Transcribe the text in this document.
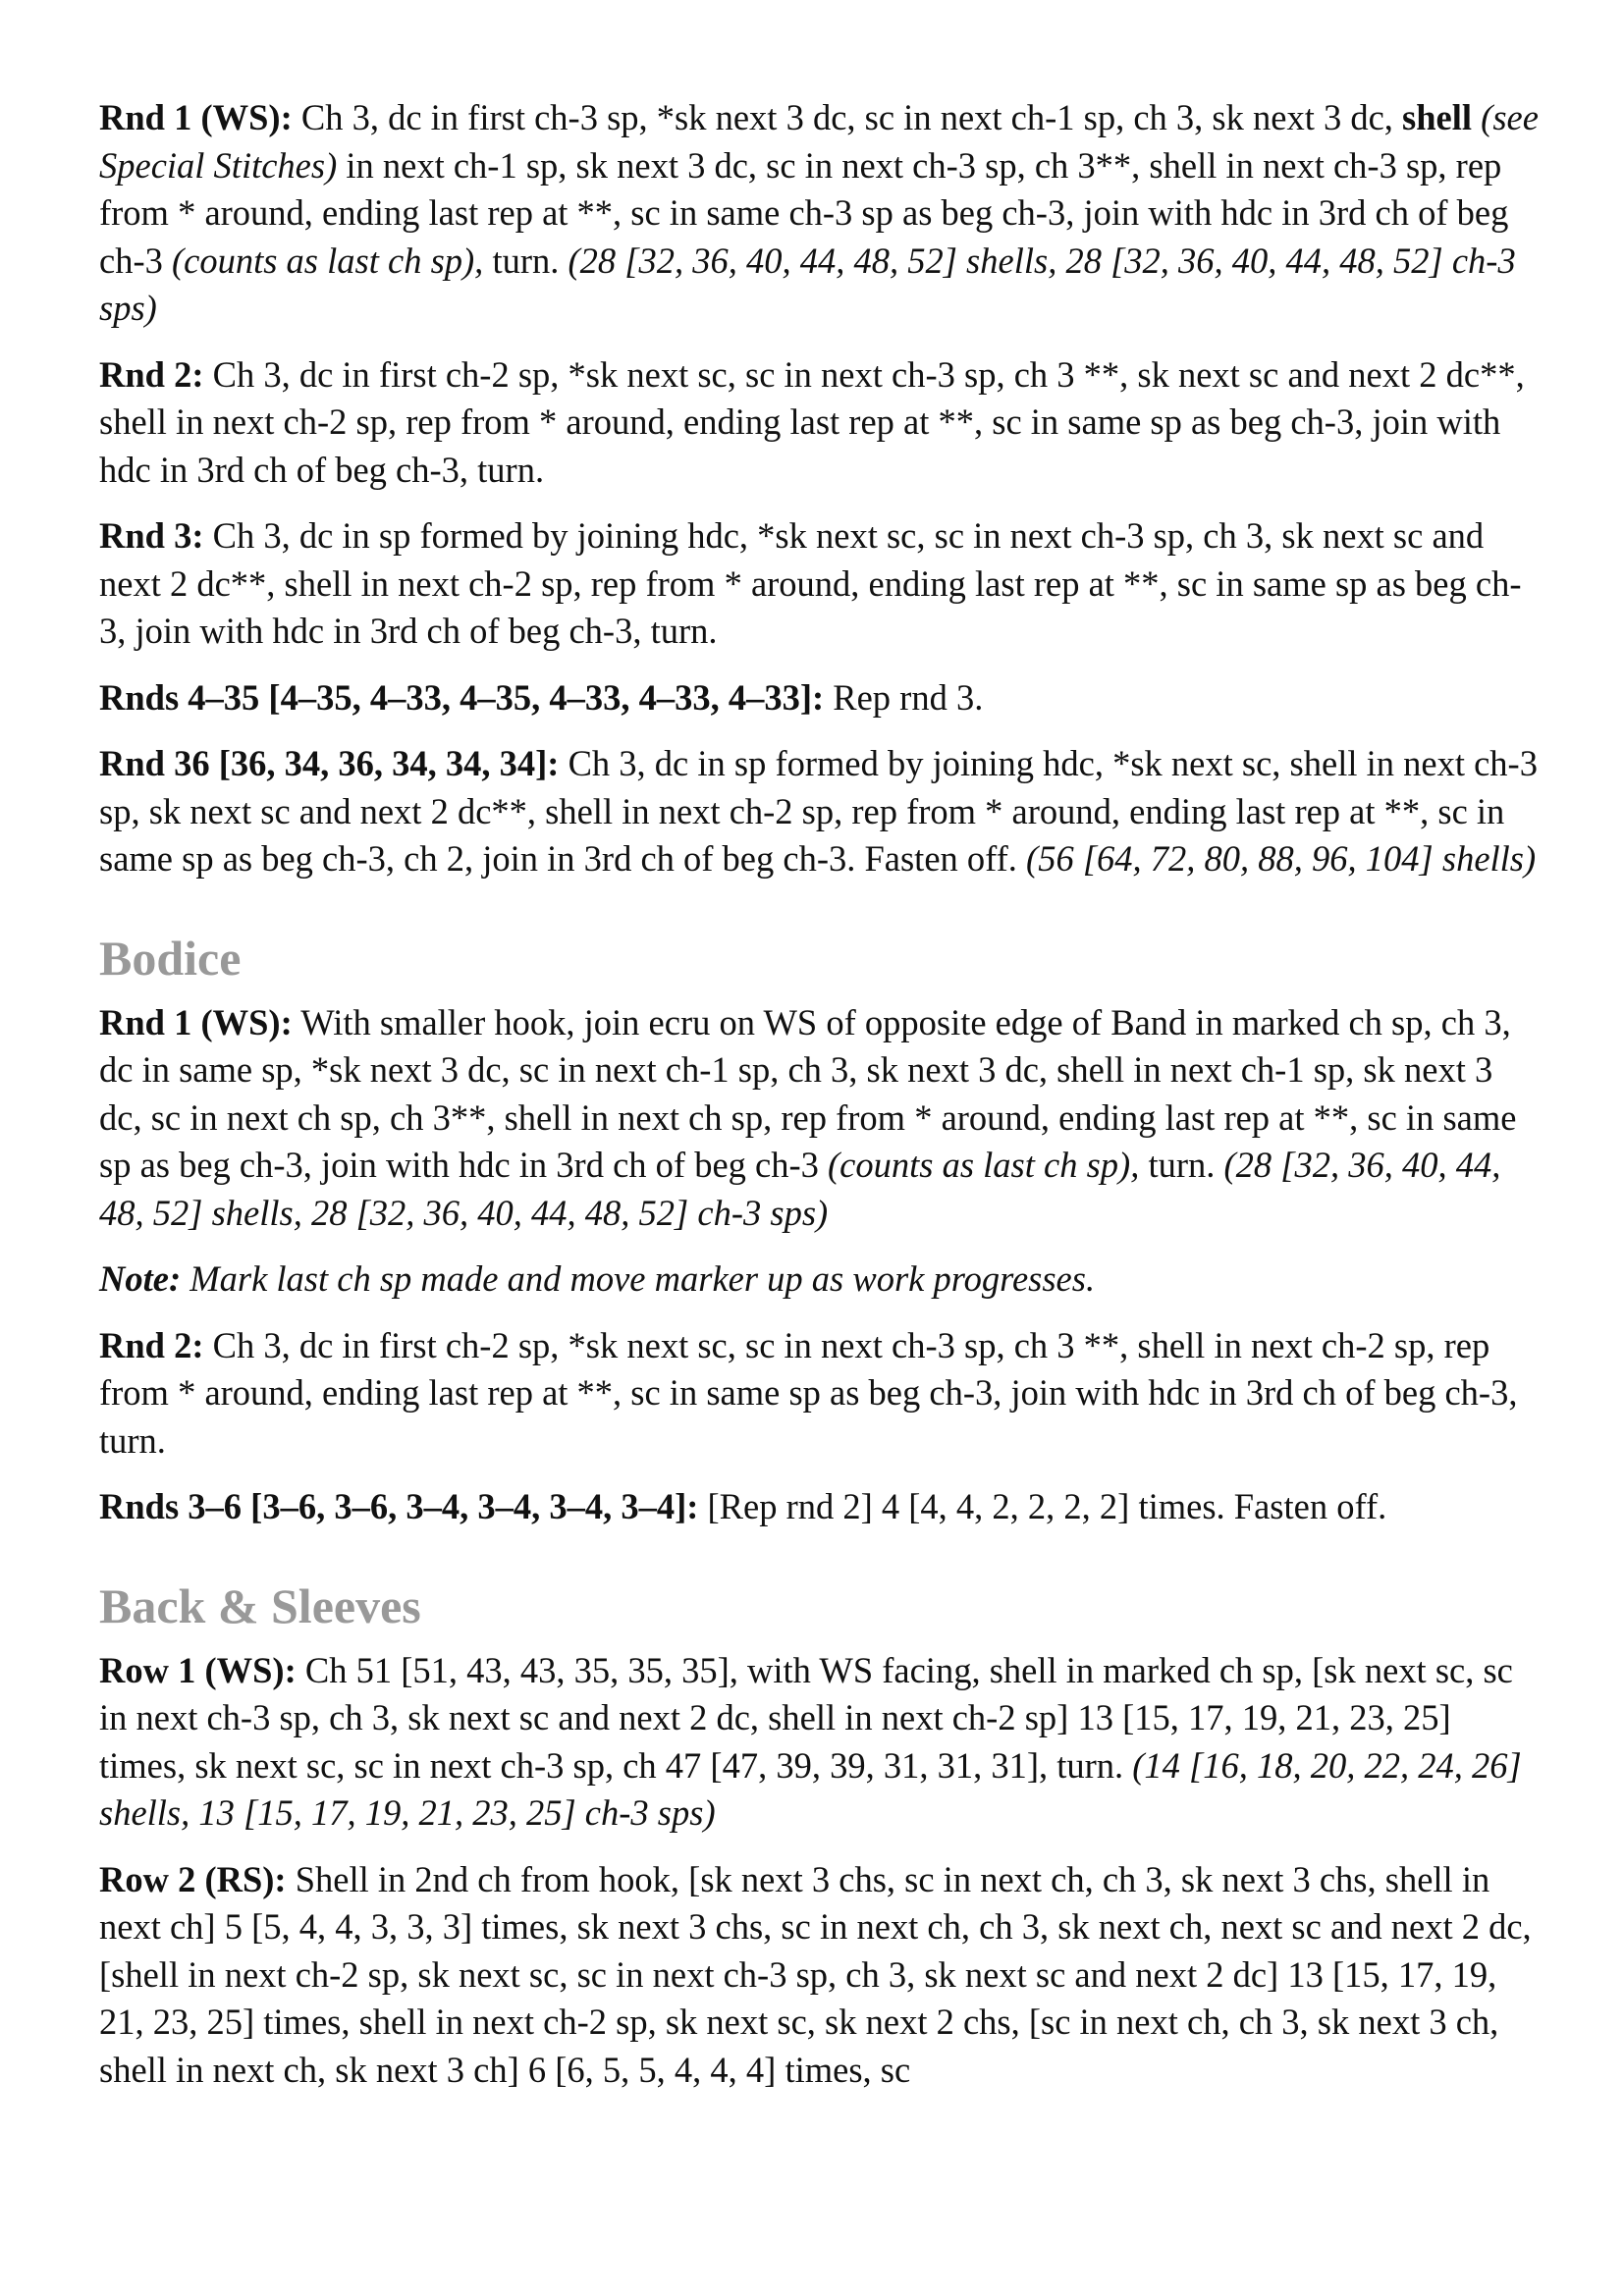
Rnd 1 (WS): Ch 3, dc in first ch-3 sp, *sk next 3 dc, sc in next ch-1 sp, ch 3, sk next 3 dc, shell (see Special Stitches) in next ch-1 sp, sk next 3 dc, sc in next ch-3 sp, ch 3**, shell in next ch-3 sp, rep from * around, ending last rep at **, sc in same ch-3 sp as beg ch-3, join with hdc in 3rd ch of beg ch-3 (counts as last ch sp), turn. (28 [32, 36, 40, 44, 48, 52] shells, 28 [32, 36, 40, 44, 48, 52] ch-3 sps)

Rnd 2: Ch 3, dc in first ch-2 sp, *sk next sc, sc in next ch-3 sp, ch 3 **, sk next sc and next 2 dc**, shell in next ch-2 sp, rep from * around, ending last rep at **, sc in same sp as beg ch-3, join with hdc in 3rd ch of beg ch-3, turn.

Rnd 3: Ch 3, dc in sp formed by joining hdc, *sk next sc, sc in next ch-3 sp, ch 3, sk next sc and next 2 dc**, shell in next ch-2 sp, rep from * around, ending last rep at **, sc in same sp as beg ch-3, join with hdc in 3rd ch of beg ch-3, turn.

Rnds 4–35 [4–35, 4–33, 4–35, 4–33, 4–33, 4–33]: Rep rnd 3.

Rnd 36 [36, 34, 36, 34, 34, 34]: Ch 3, dc in sp formed by joining hdc, *sk next sc, shell in next ch-3 sp, sk next sc and next 2 dc**, shell in next ch-2 sp, rep from * around, ending last rep at **, sc in same sp as beg ch-3, ch 2, join in 3rd ch of beg ch-3. Fasten off. (56 [64, 72, 80, 88, 96, 104] shells)

Bodice

Rnd 1 (WS): With smaller hook, join ecru on WS of opposite edge of Band in marked ch sp, ch 3, dc in same sp, *sk next 3 dc, sc in next ch-1 sp, ch 3, sk next 3 dc, shell in next ch-1 sp, sk next 3 dc, sc in next ch sp, ch 3**, shell in next ch sp, rep from * around, ending last rep at **, sc in same sp as beg ch-3, join with hdc in 3rd ch of beg ch-3 (counts as last ch sp), turn. (28 [32, 36, 40, 44, 48, 52] shells, 28 [32, 36, 40, 44, 48, 52] ch-3 sps)

Note: Mark last ch sp made and move marker up as work progresses.

Rnd 2: Ch 3, dc in first ch-2 sp, *sk next sc, sc in next ch-3 sp, ch 3 **, shell in next ch-2 sp, rep from * around, ending last rep at **, sc in same sp as beg ch-3, join with hdc in 3rd ch of beg ch-3, turn.

Rnds 3–6 [3–6, 3–6, 3–4, 3–4, 3–4, 3–4]: [Rep rnd 2] 4 [4, 4, 2, 2, 2, 2] times. Fasten off.

Back & Sleeves

Row 1 (WS): Ch 51 [51, 43, 43, 35, 35, 35], with WS facing, shell in marked ch sp, [sk next sc, sc in next ch-3 sp, ch 3, sk next sc and next 2 dc, shell in next ch-2 sp] 13 [15, 17, 19, 21, 23, 25] times, sk next sc, sc in next ch-3 sp, ch 47 [47, 39, 39, 31, 31, 31], turn. (14 [16, 18, 20, 22, 24, 26] shells, 13 [15, 17, 19, 21, 23, 25] ch-3 sps)

Row 2 (RS): Shell in 2nd ch from hook, [sk next 3 chs, sc in next ch, ch 3, sk next 3 chs, shell in next ch] 5 [5, 4, 4, 3, 3, 3] times, sk next 3 chs, sc in next ch, ch 3, sk next ch, next sc and next 2 dc, [shell in next ch-2 sp, sk next sc, sc in next ch-3 sp, ch 3, sk next sc and next 2 dc] 13 [15, 17, 19, 21, 23, 25] times, shell in next ch-2 sp, sk next sc, sk next 2 chs, [sc in next ch, ch 3, sk next 3 ch, shell in next ch, sk next 3 ch] 6 [6, 5, 5, 4, 4, 4] times, sc
